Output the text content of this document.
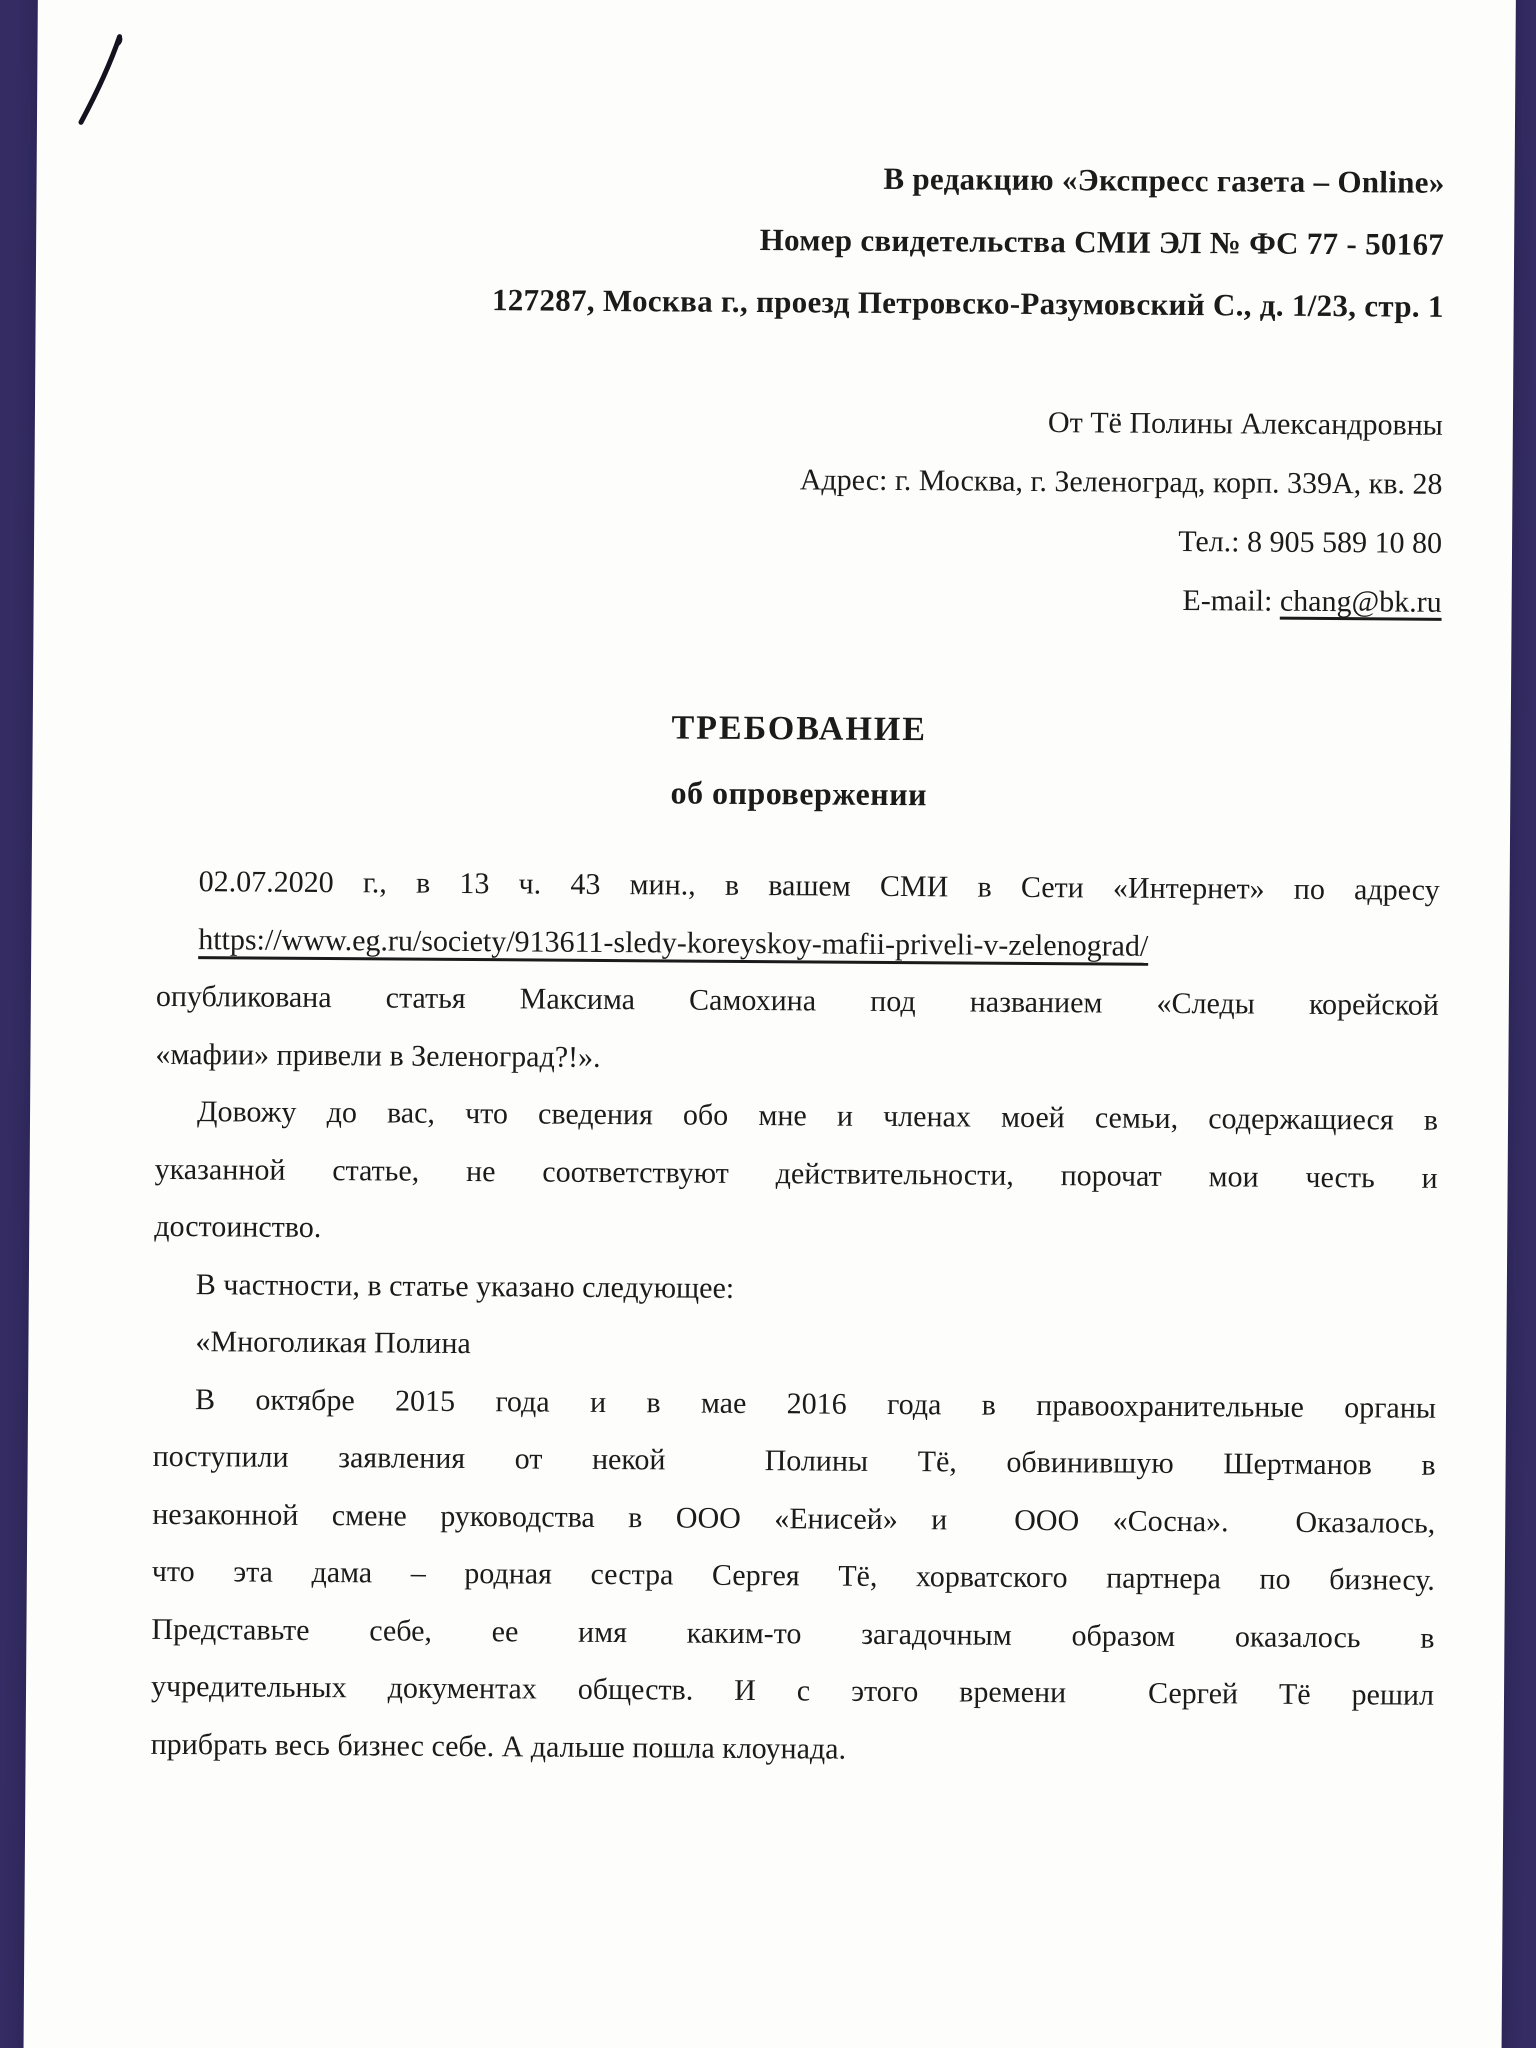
В редакцию «Экспресс газета – Online»
Номер свидетельства СМИ ЭЛ № ФС 77 - 50167
127287, Москва г., проезд Петровско-Разумовский С., д. 1/23, стр. 1
От Тё Полины Александровны
Адрес: г. Москва, г. Зеленоград, корп. 339А, кв. 28
Тел.: 8 905 589 10 80
E-mail: chang@bk.ru
ТРЕБОВАНИЕ
об опровержении
02.07.2020 г., в 13 ч. 43 мин., в вашем СМИ в Сети «Интернет» по адресу
https://www.eg.ru/society/913611-sledy-koreyskoy-mafii-priveli-v-zelenograd/
опубликована статья Максима Самохина под названием «Следы корейской
«мафии» привели в Зеленоград?!».
Довожу до вас, что сведения обо мне и членах моей семьи, содержащиеся в
указанной статье, не соответствуют действительности, порочат мои честь и
достоинство.
В частности, в статье указано следующее:
«Многоликая Полина
В октябре 2015 года и в мае 2016 года в правоохранительные органы
поступили заявления от некой  Полины Тё, обвинившую Шертманов в
незаконной смене руководства в ООО «Енисей» и  ООО «Сосна».  Оказалось,
что эта дама – родная сестра Сергея Тё, хорватского партнера по бизнесу.
Представьте себе, ее имя каким-то загадочным образом оказалось в
учредительных документах обществ. И с этого времени  Сергей Тё решил
прибрать весь бизнес себе. А дальше пошла клоунада.
